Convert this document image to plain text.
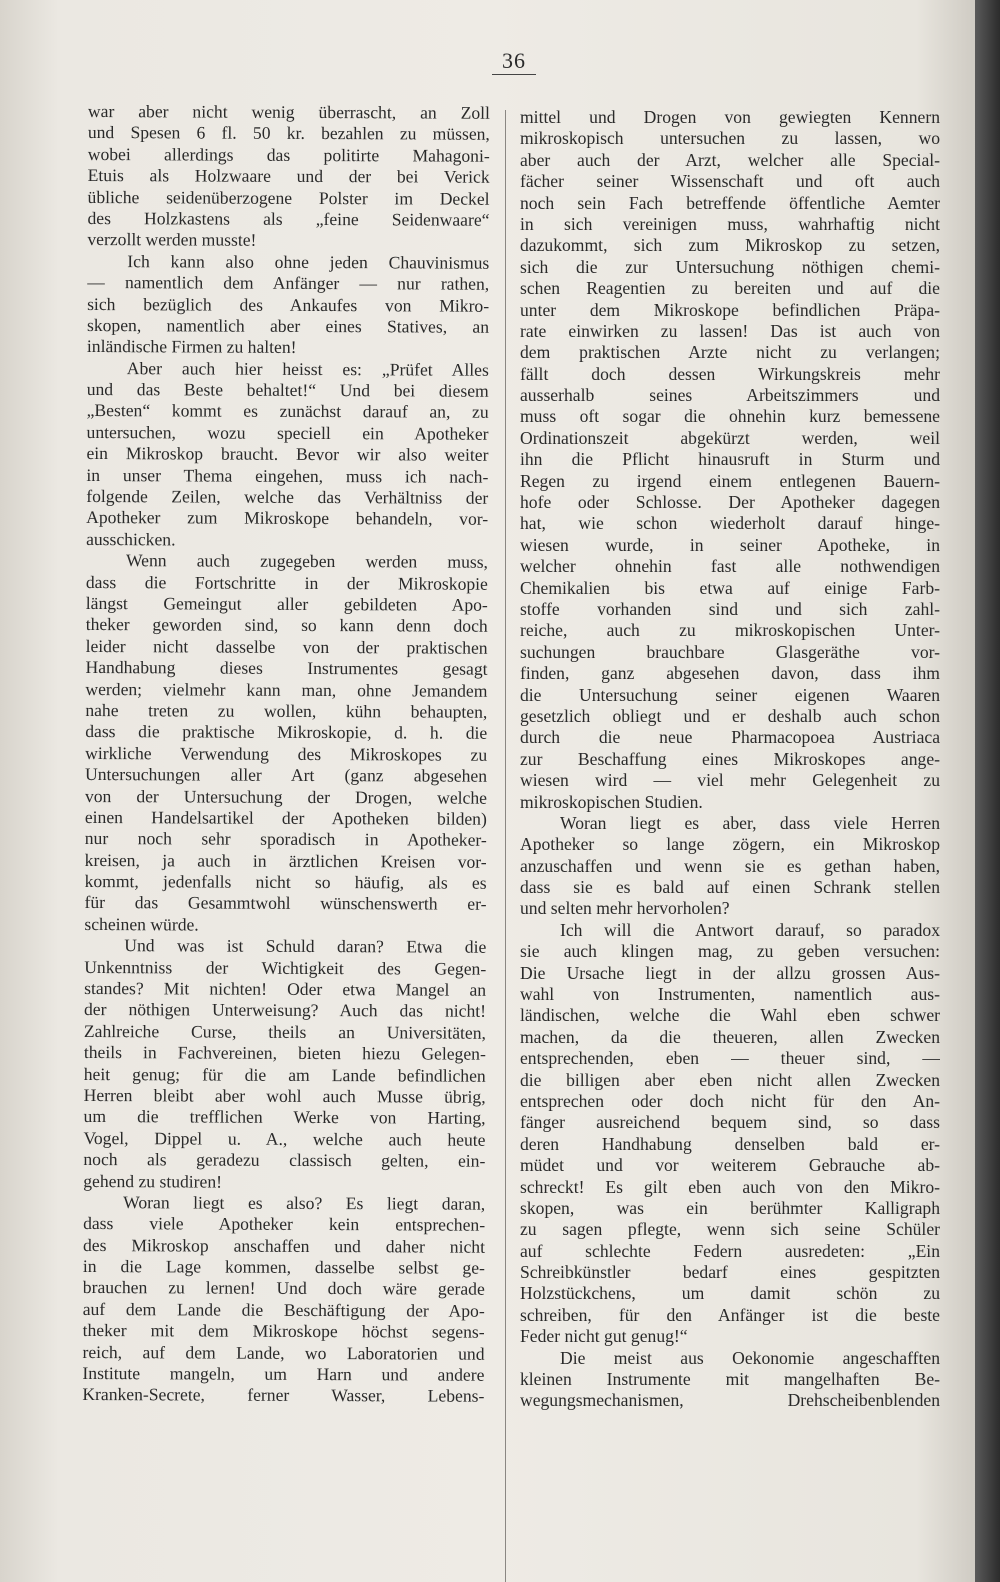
36
war aber nicht wenig überrascht, an Zoll
und Spesen 6 fl. 50 kr. bezahlen zu müssen,
wobei allerdings das politirte Mahagoni-
Etuis als Holzwaare und der bei Verick
übliche seidenüberzogene Polster im Deckel
des Holzkastens als „feine Seidenwaare“
verzollt werden musste!
Ich kann also ohne jeden Chauvinismus
— namentlich dem Anfänger — nur rathen,
sich bezüglich des Ankaufes von Mikro-
skopen, namentlich aber eines Statives, an
inländische Firmen zu halten!
Aber auch hier heisst es: „Prüfet Alles
und das Beste behaltet!“ Und bei diesem
„Besten“ kommt es zunächst darauf an, zu
untersuchen, wozu speciell ein Apotheker
ein Mikroskop braucht. Bevor wir also weiter
in unser Thema eingehen, muss ich nach-
folgende Zeilen, welche das Verhältniss der
Apotheker zum Mikroskope behandeln, vor-
ausschicken.
Wenn auch zugegeben werden muss,
dass die Fortschritte in der Mikroskopie
längst Gemeingut aller gebildeten Apo-
theker geworden sind, so kann denn doch
leider nicht dasselbe von der praktischen
Handhabung dieses Instrumentes gesagt
werden; vielmehr kann man, ohne Jemandem
nahe treten zu wollen, kühn behaupten,
dass die praktische Mikroskopie, d. h. die
wirkliche Verwendung des Mikroskopes zu
Untersuchungen aller Art (ganz abgesehen
von der Untersuchung der Drogen, welche
einen Handelsartikel der Apotheken bilden)
nur noch sehr sporadisch in Apotheker-
kreisen, ja auch in ärztlichen Kreisen vor-
kommt, jedenfalls nicht so häufig, als es
für das Gesammtwohl wünschenswerth er-
scheinen würde.
Und was ist Schuld daran? Etwa die
Unkenntniss der Wichtigkeit des Gegen-
standes? Mit nichten! Oder etwa Mangel an
der nöthigen Unterweisung? Auch das nicht!
Zahlreiche Curse, theils an Universitäten,
theils in Fachvereinen, bieten hiezu Gelegen-
heit genug; für die am Lande befindlichen
Herren bleibt aber wohl auch Musse übrig,
um die trefflichen Werke von Harting,
Vogel, Dippel u. A., welche auch heute
noch als geradezu classisch gelten, ein-
gehend zu studiren!
Woran liegt es also? Es liegt daran,
dass viele Apotheker kein entsprechen-
des Mikroskop anschaffen und daher nicht
in die Lage kommen, dasselbe selbst ge-
brauchen zu lernen! Und doch wäre gerade
auf dem Lande die Beschäftigung der Apo-
theker mit dem Mikroskope höchst segens-
reich, auf dem Lande, wo Laboratorien und
Institute mangeln, um Harn und andere
Kranken-Secrete, ferner Wasser, Lebens-
mittel und Drogen von gewiegten Kennern
mikroskopisch untersuchen zu lassen, wo
aber auch der Arzt, welcher alle Special-
fächer seiner Wissenschaft und oft auch
noch sein Fach betreffende öffentliche Aemter
in sich vereinigen muss, wahrhaftig nicht
dazukommt, sich zum Mikroskop zu setzen,
sich die zur Untersuchung nöthigen chemi-
schen Reagentien zu bereiten und auf die
unter dem Mikroskope befindlichen Präpa-
rate einwirken zu lassen! Das ist auch von
dem praktischen Arzte nicht zu verlangen;
fällt doch dessen Wirkungskreis mehr
ausserhalb seines Arbeitszimmers und
muss oft sogar die ohnehin kurz bemessene
Ordinationszeit abgekürzt werden, weil
ihn die Pflicht hinausruft in Sturm und
Regen zu irgend einem entlegenen Bauern-
hofe oder Schlosse. Der Apotheker dagegen
hat, wie schon wiederholt darauf hinge-
wiesen wurde, in seiner Apotheke, in
welcher ohnehin fast alle nothwendigen
Chemikalien bis etwa auf einige Farb-
stoffe vorhanden sind und sich zahl-
reiche, auch zu mikroskopischen Unter-
suchungen brauchbare Glasgeräthe vor-
finden, ganz abgesehen davon, dass ihm
die Untersuchung seiner eigenen Waaren
gesetzlich obliegt und er deshalb auch schon
durch die neue Pharmacopoea Austriaca
zur Beschaffung eines Mikroskopes ange-
wiesen wird — viel mehr Gelegenheit zu
mikroskopischen Studien.
Woran liegt es aber, dass viele Herren
Apotheker so lange zögern, ein Mikroskop
anzuschaffen und wenn sie es gethan haben,
dass sie es bald auf einen Schrank stellen
und selten mehr hervorholen?
Ich will die Antwort darauf, so paradox
sie auch klingen mag, zu geben versuchen:
Die Ursache liegt in der allzu grossen Aus-
wahl von Instrumenten, namentlich aus-
ländischen, welche die Wahl eben schwer
machen, da die theueren, allen Zwecken
entsprechenden, eben — theuer sind, —
die billigen aber eben nicht allen Zwecken
entsprechen oder doch nicht für den An-
fänger ausreichend bequem sind, so dass
deren Handhabung denselben bald er-
müdet und vor weiterem Gebrauche ab-
schreckt! Es gilt eben auch von den Mikro-
skopen, was ein berühmter Kalligraph
zu sagen pflegte, wenn sich seine Schüler
auf schlechte Federn ausredeten: „Ein
Schreibkünstler bedarf eines gespitzten
Holzstückchens, um damit schön zu
schreiben, für den Anfänger ist die beste
Feder nicht gut genug!“
Die meist aus Oekonomie angeschafften
kleinen Instrumente mit mangelhaften Be-
wegungsmechanismen, Drehscheibenblenden
